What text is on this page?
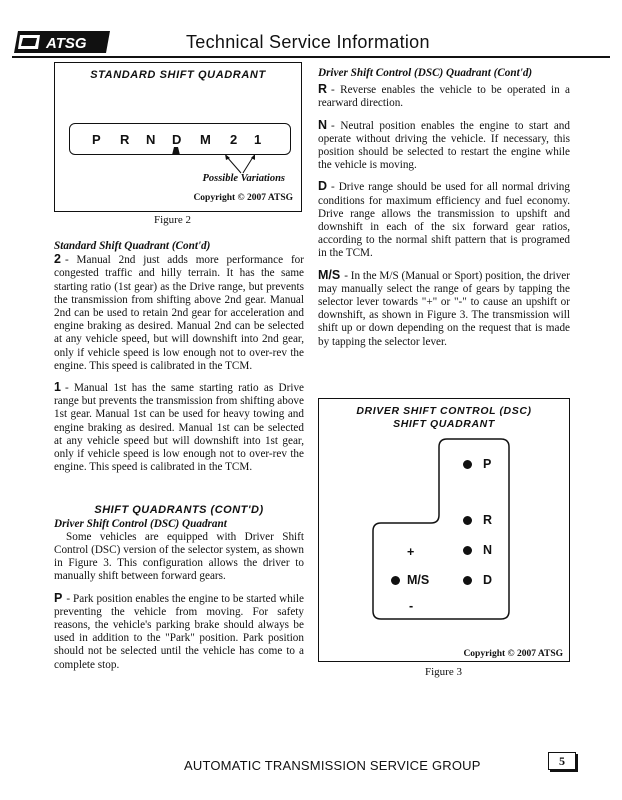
ATSG	Technical Service Information
STANDARD SHIFT QUADRANT
P R N D M 2 1
Possible Variations
Copyright © 2007 ATSG
Figure 2

Standard Shift Quadrant (Cont'd)

2 - Manual 2nd just adds more performance for congested traffic and hilly terrain. It has the same starting ratio (1st gear) as the Drive range, but prevents the transmission from shifting above 2nd gear. Manual 2nd can be used to retain 2nd gear for acceleration and engine braking as desired. Manual 2nd can be selected at any vehicle speed, but will downshift into 2nd gear, only if vehicle speed is low enough not to over-rev the engine. This speed is calibrated in the TCM.

1 - Manual 1st has the same starting ratio as Drive range but prevents the transmission from shifting above 1st gear. Manual 1st can be used for heavy towing and engine braking as desired. Manual 1st can be selected at any vehicle speed but will downshift into 1st gear, only if vehicle speed is low enough not to over-rev the engine. This speed is calibrated in the TCM.

SHIFT QUADRANTS (CONT'D)

Driver Shift Control (DSC) Quadrant

Some vehicles are equipped with Driver Shift Control (DSC) version of the selector system, as shown in Figure 3. This configuration allows the driver to manually shift between forward gears.

P - Park position enables the engine to be started while preventing the vehicle from moving. For safety reasons, the vehicle's parking brake should always be used in addition to the "Park" position. Park position should not be selected until the vehicle has come to a complete stop.

Driver Shift Control (DSC) Quadrant (Cont'd)

R - Reverse enables the vehicle to be operated in a rearward direction.

N - Neutral position enables the engine to start and operate without driving the vehicle. If necessary, this position should be selected to restart the engine while the vehicle is moving.

D - Drive range should be used for all normal driving conditions for maximum efficiency and fuel economy. Drive range allows the transmission to upshift and downshift in each of the six forward gear ratios, according to the normal shift pattern that is programed in the TCM.

M/S - In the M/S (Manual or Sport) position, the driver may manually select the range of gears by tapping the selector lever towards "+" or "-" to cause an upshift or downshift, as shown in Figure 3. The transmission will shift up or down depending on the request that is made by tapping the selector lever.

DRIVER SHIFT CONTROL (DSC)
SHIFT QUADRANT
P
R
N
D
M/S
+
-
Copyright © 2007 ATSG
Figure 3
AUTOMATIC TRANSMISSION SERVICE GROUP	5
